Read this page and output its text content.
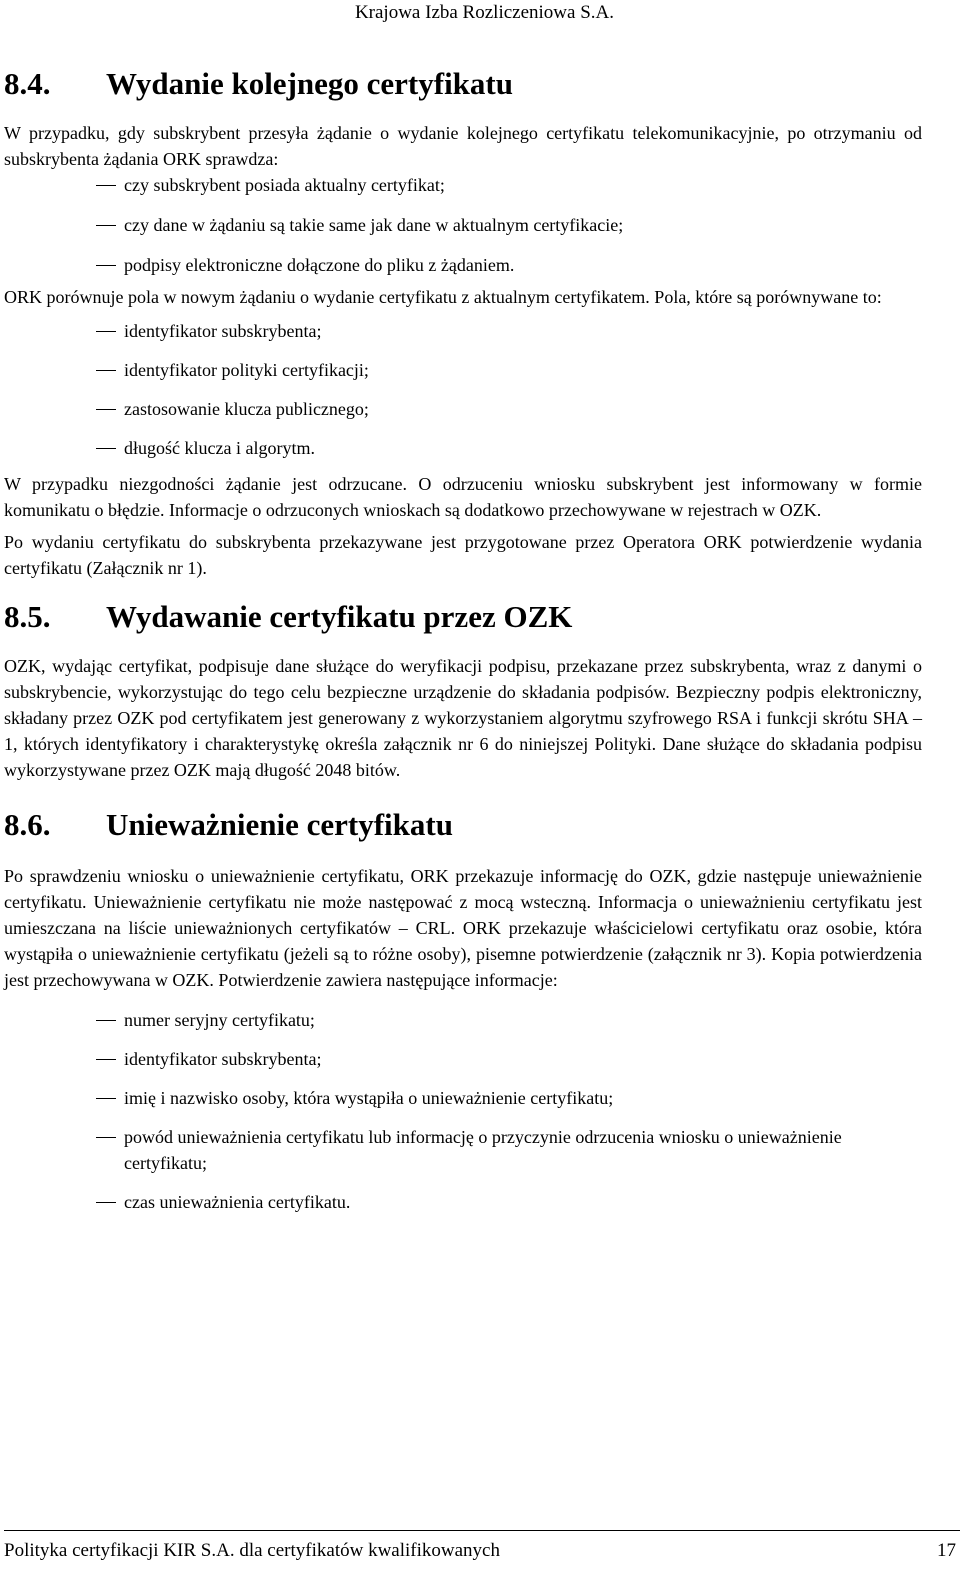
Krajowa Izba Rozliczeniowa S.A.
8.4.	Wydanie kolejnego certyfikatu

W przypadku, gdy subskrybent przesyła żądanie o wydanie kolejnego certyfikatu telekomunikacyjnie, po otrzymaniu od subskrybenta żądania ORK sprawdza:

czy subskrybent posiada aktualny certyfikat;
czy dane w żądaniu są takie same jak dane w aktualnym certyfikacie;
podpisy elektroniczne dołączone do pliku z żądaniem.

ORK porównuje pola w nowym żądaniu o wydanie certyfikatu z aktualnym certyfikatem. Pola, które są porównywane to:

identyfikator subskrybenta;
identyfikator polityki certyfikacji;
zastosowanie klucza publicznego;
długość klucza i algorytm.

W przypadku niezgodności żądanie jest odrzucane. O odrzuceniu wniosku subskrybent jest informowany w formie komunikatu o błędzie. Informacje o odrzuconych wnioskach są dodatkowo przechowywane w rejestrach w OZK.

Po wydaniu certyfikatu do subskrybenta przekazywane jest przygotowane przez Operatora ORK potwierdzenie wydania certyfikatu (Załącznik nr 1).

8.5.	Wydawanie certyfikatu przez OZK

OZK, wydając certyfikat, podpisuje dane służące do weryfikacji podpisu, przekazane przez subskrybenta, wraz z danymi o subskrybencie, wykorzystując do tego celu bezpieczne urządzenie do składania podpisów. Bezpieczny podpis elektroniczny, składany przez OZK pod certyfikatem jest generowany z wykorzystaniem algorytmu szyfrowego RSA i funkcji skrótu SHA – 1, których identyfikatory i charakterystykę określa załącznik nr 6 do niniejszej Polityki. Dane służące do składania podpisu wykorzystywane przez OZK mają długość 2048 bitów.

8.6.	Unieważnienie certyfikatu

Po sprawdzeniu wniosku o unieważnienie certyfikatu, ORK przekazuje informację do OZK, gdzie następuje unieważnienie certyfikatu. Unieważnienie certyfikatu nie może następować z mocą wsteczną. Informacja o unieważnieniu certyfikatu jest umieszczana na liście unieważnionych certyfikatów – CRL. ORK przekazuje właścicielowi certyfikatu oraz osobie, która wystąpiła o unieważnienie certyfikatu (jeżeli są to różne osoby), pisemne potwierdzenie (załącznik nr 3). Kopia potwierdzenia jest przechowywana w OZK. Potwierdzenie zawiera następujące informacje:

numer seryjny certyfikatu;
identyfikator subskrybenta;
imię i nazwisko osoby, która wystąpiła o unieważnienie certyfikatu;
powód unieważnienia certyfikatu lub informację o przyczynie odrzucenia wniosku o unieważnienie certyfikatu;
czas unieważnienia certyfikatu.
Polityka certyfikacji KIR S.A. dla certyfikatów kwalifikowanych	17
